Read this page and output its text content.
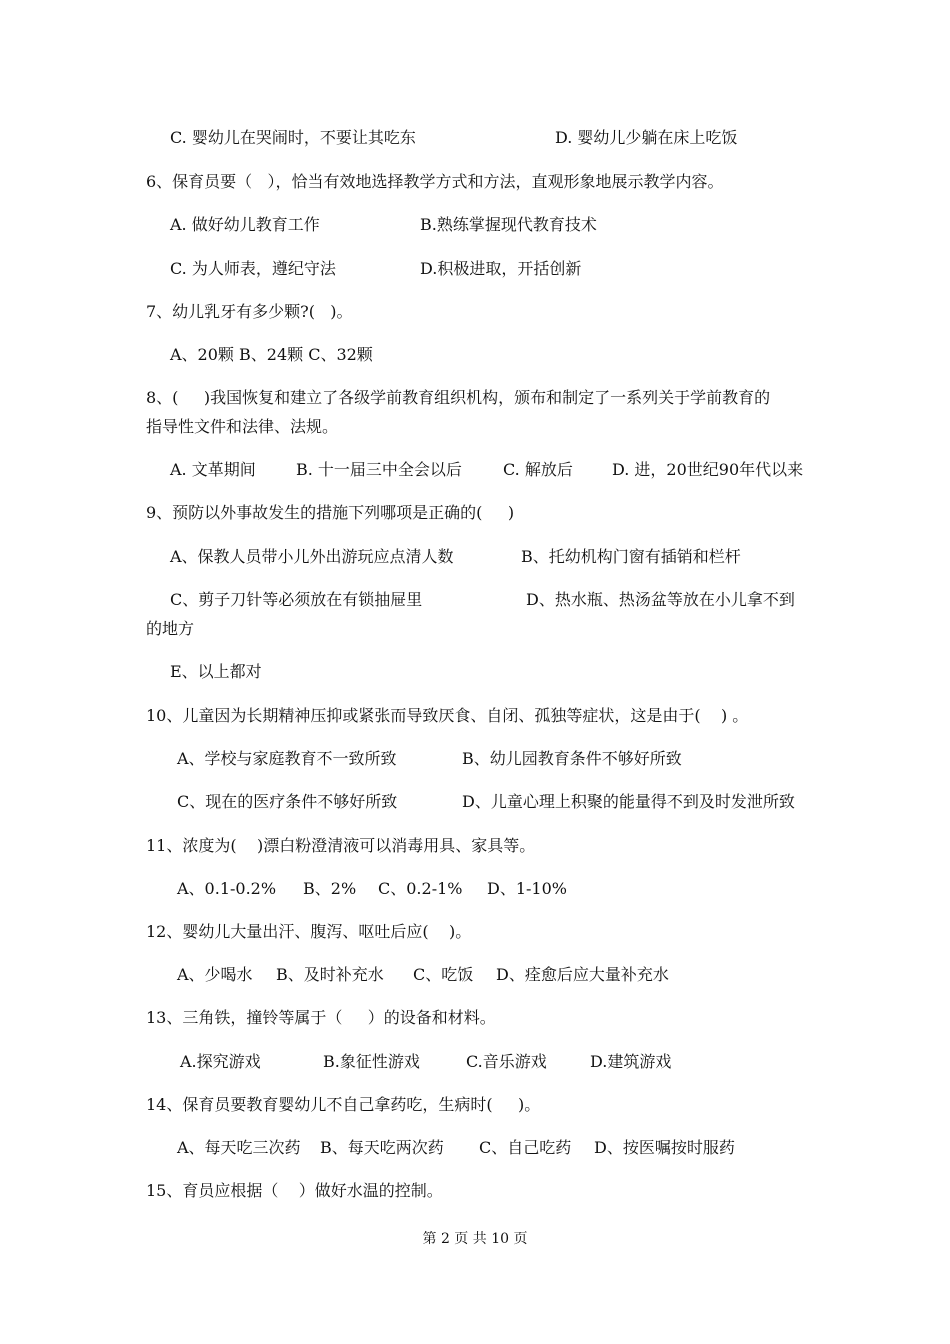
C. 婴幼儿在哭闹时，不要让其吃东	D. 婴幼儿少躺在床上吃饭
6、保育员要（   ），恰当有效地选择教学方式和方法，直观形象地展示教学内容。
A. 做好幼儿教育工作	B.熟练掌握现代教育技术
C. 为人师表，遵纪守法	D.积极进取，开括创新
7、幼儿乳牙有多少颗?(   )。
A、20颗 B、24颗 C、32颗
8、(     )我国恢复和建立了各级学前教育组织机构，颁布和制定了一系列关于学前教育的
指导性文件和法律、法规。
A. 文革期间	B. 十一届三中全会以后	C. 解放后 D. 进，20世纪90年代以来
9、预防以外事故发生的措施下列哪项是正确的(     )
A、保教人员带小儿外出游玩应点清人数	B、托幼机构门窗有插销和栏杆
C、剪子刀针等必须放在有锁抽屉里	D、热水瓶、热汤盆等放在小儿拿不到
的地方
E、以上都对
10、儿童因为长期精神压抑或紧张而导致厌食、自闭、孤独等症状，这是由于(    ) 。
A、学校与家庭教育不一致所致	B、幼儿园教育条件不够好所致
C、现在的医疗条件不够好所致	D、儿童心理上积聚的能量得不到及时发泄所致
11、浓度为(    )漂白粉澄清液可以消毒用具、家具等。
A、0.1-0.2% B、2% C、0.2-1% D、1-10%
12、婴幼儿大量出汗、腹泻、呕吐后应(    )。
A、少喝水 B、及时补充水 C、吃饭 D、痊愈后应大量补充水
13、三角铁，撞铃等属于（     ）的设备和材料。
A.探究游戏	B.象征性游戏	C.音乐游戏	D.建筑游戏
14、保育员要教育婴幼儿不自己拿药吃，生病时(     )。
A、每天吃三次药 B、每天吃两次药 C、自己吃药 D、按医嘱按时服药
15、育员应根据（    ）做好水温的控制。
第 2 页 共 10 页
